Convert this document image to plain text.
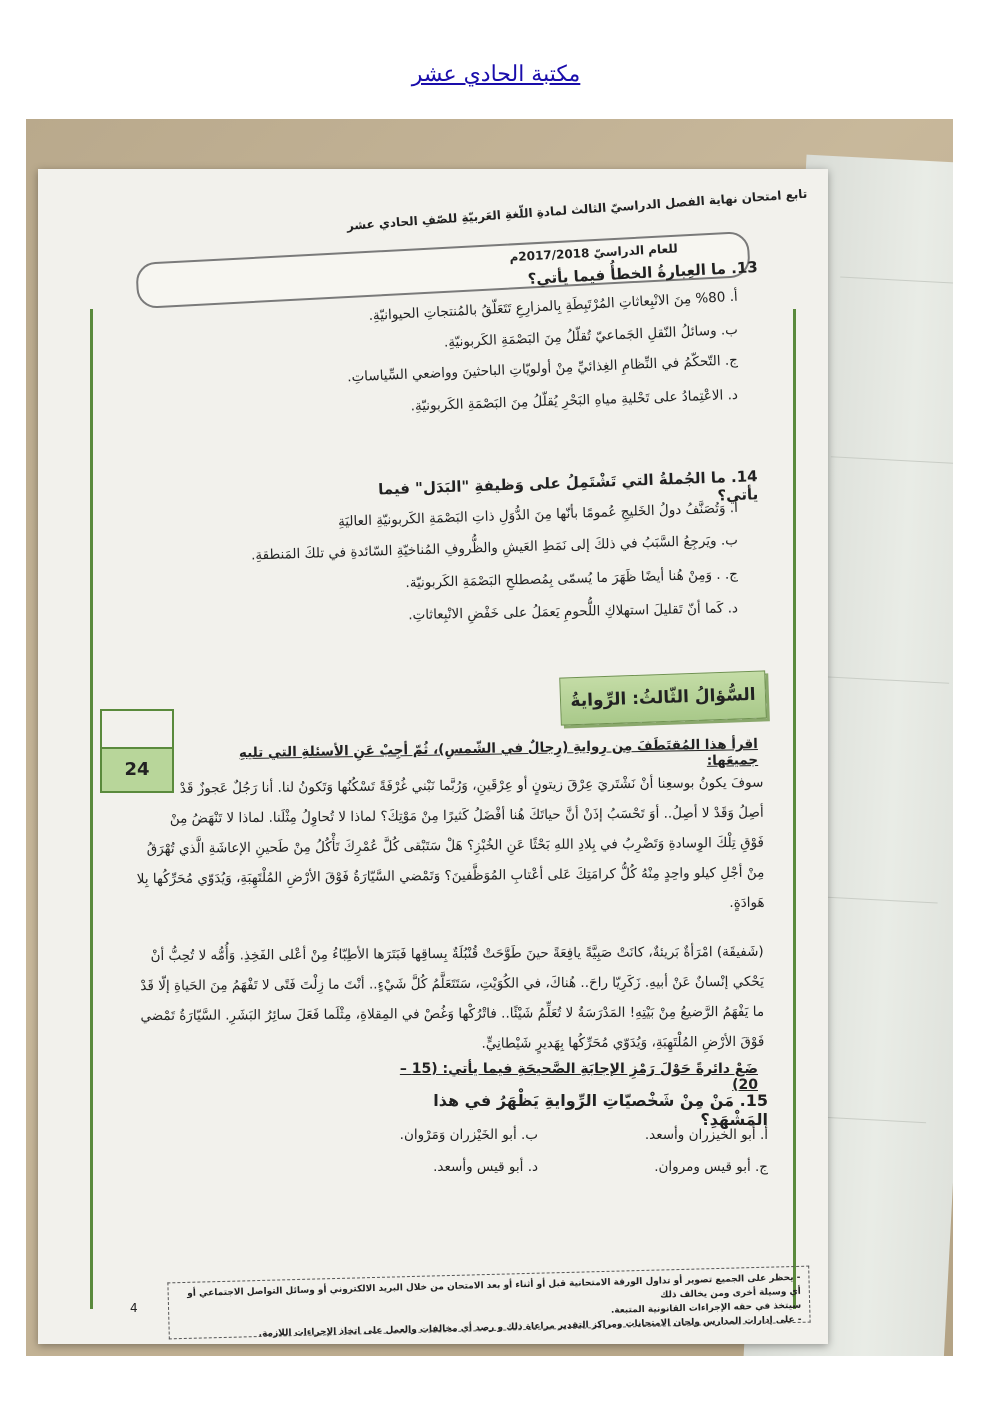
مكتبة الحادي عشر
تابع امتحان نهاية الفصل الدراسيّ الثالث لمادةِ اللّغةِ العَربيّةِ للصّفِ الحادي عشر
للعام الدراسيّ 2017/2018م
13. ما العِبارةُ الخطأُ فيما يأتي؟
أ. 80% مِنَ الانْبِعاثاتِ المُرْتَبِطَةِ بِالمزارِعِ تَتَعَلّقُ بالمُنتجاتِ الحيوانيّةِ.
ب. وسائلُ النّقلِ الجَماعيّ تُقلّلُ مِنَ البَصْمَةِ الكَربونيّةِ.
ج. التّحكّمُ في النِّظامِ الغِذائيِّ مِنْ أولويّاتِ الباحثينَ وواضعي السِّياساتِ.
د. الاعْتِمادُ على تَحْليةِ مياهِ البَحْرِ يُقلّلُ مِنَ البَصْمَةِ الكَربونيّةِ.
14. ما الجُملةُ التي تَشْتَمِلُ على وَظيفةِ "البَدَل" فيما يأتي؟
أ. وَتُصَنَّفُ دولُ الخَليجِ عُمومًا بأنّها مِنَ الدُّوَلِ ذاتِ البَصْمَةِ الكَربونيّةِ العاليَةِ
ب. ويَرجِعُ السَّبَبُ في ذلكَ إلى نَمَطِ العَيشِ والظُّروفِ المُناخيّةِ السّائدةِ في تلكَ المَنطقةِ.
ج. . وَمِنْ هُنا أيضًا ظَهَرَ ما يُسمّى بِمُصطلحِ البَصْمَةِ الكَربونيّة.
د. كَما أنّ تَقليلَ استهلاكِ اللُّحومِ يَعمَلُ على خَفْضِ الانْبِعاثاتِ.
السُّؤالُ الثّالثُ: الرِّوايةُ
24
اقرأ هذا المُقتَطَفَ مِن رِوايةِ (رِجالٌ في الشّمسِ)، ثُمّ أجِبْ عَنِ الأسئلةِ التي تليهِ جميعَها:
سوفَ يكونُ بوسعِنا أنْ نَشْتَريَ عِرْقَ زيتونٍ أو عِرْقَينِ، وَرُبَّما نَبْني غُرْفَةً تَسْكُنُها وَتَكونُ لنا. أنا رَجُلٌ عَجوزٌ قَدْ
أصِلُ وَقَدْ لا أصِلُ.. أوَ تَحْسَبُ إذَنْ أنَّ حياتَكَ هُنا أفْضَلُ كَثيرًا مِنْ مَوْتِكَ؟ لماذا لا تُحاوِلُ مِثْلَنا. لماذا لا تَنْهَضُ مِنْ
فَوْقِ تِلْكَ الوِسادةِ وَتَضْرِبُ في بِلادِ اللهِ بَحْثًا عَنِ الخُبْزِ؟ هَلْ سَتَبْقى كُلَّ عُمْرِكَ تَأْكُلُ مِنْ طَحينِ الإعاشَةِ الَّذي تُهْرَقُ
مِنْ أجْلِ كيلو واحِدٍ مِنْهُ كُلُّ كرامَتِكَ عَلى أعْتابِ المُوَظَّفينَ؟ وَتَمْضي السَّيّارَةُ فَوْقَ الأرْضِ المُلْتَهِبَةِ، وَيُدَوّي مُحَرِّكُها بِلا
هَوادَةٍ.
(شَفيقَة) امْرَأةٌ بَريئةٌ، كانَتْ صَبِيَّةً يافِعَةً حينَ طَوَّحَتْ قُنْبُلَةٌ بِساقِها فَبَتَرَها الأطِبّاءُ مِنْ أعْلى الفَخِذِ. وَأُمُّه لا تُحِبُّ أنْ
يَحْكي إنْسانٌ عَنْ أبيهِ. زَكَرِيّا راحَ.. هُناكَ، في الكُوَيْتِ، سَتَتَعَلَّمُ كُلَّ شَيْءٍ.. أنْتَ ما زِلْتَ فَتًى لا تَفْهَمُ مِنَ الحَياةِ إلّا قَدْ
ما يَفْهَمُ الرَّضيعُ مِنْ بَيْتِهِ! المَدْرَسَةُ لا تُعَلِّمُ شَيْئًا.. فاتْرُكْها وَغُصْ في المِقلاةِ، مِثْلَما فَعَلَ سائِرُ البَشَرِ. السَّيّارَةُ تَمْضي
فَوْقَ الأرْضِ المُلْتَهِبَةِ، وَيُدَوّي مُحَرِّكُها بِهَديرٍ شَيْطانِيٍّ.
ضَعْ دائرةً حَوْلَ رَمْزِ الإجابَةِ الصَّحيحَةِ فيما يأتي: (15 – 20)
15. مَنْ مِنْ شَخْصيّاتِ الرِّوايةِ يَظْهَرُ في هذا المَشْهَدِ؟
أ. أبو الخيزران وأسعد.
ب. أبو الخَيْزران وَمَرْوان.
ج. أبو قيس ومروان.
د. أبو قيس وأسعد.
4
- يحظر على الجميع تصوير أو تداول الورقة الامتحانية قبل أو أثناء أو بعد الامتحان من خلال البريد الالكتروني أو وسائل التواصل الاجتماعي أو أي وسيلة أخرى ومن يخالف ذلك
سيتخذ في حقه الإجراءات القانونية المتبعة.
- على إدارات المدارس ولجان الامتحانات ومراكز التقدير مراعاة ذلك و رصد أي مخالفات والعمل على اتخاذ الإجراءات اللازمة.
